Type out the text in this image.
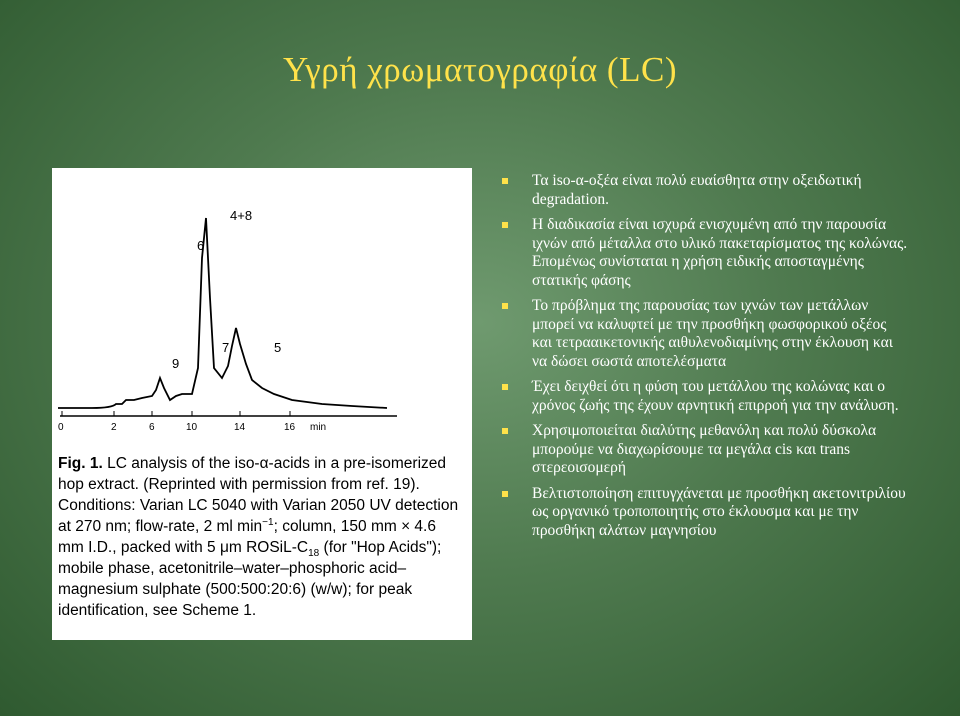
Υγρή χρωματογραφία (LC)
4+8
6
9
7	5
0	2	6	10	14	16 min
Fig. 1. LC analysis of the iso-α-acids in a pre-isomerized hop extract. (Reprinted with permission from ref. 19). Conditions: Varian LC 5040 with Varian 2050 UV detection at 270 nm; flow-rate, 2 ml $\min^{-1}$; column, 150 mm × 4.6 mm I.D., packed with 5 μm ROSiL-$C_{18}$ (for "Hop Acids"); mobile phase, acetonitrile–water–phosphoric acid–magnesium sulphate (500:500:20:6) (w/w); for peak identification, see Scheme 1.
Τα iso-α-οξέα είναι πολύ ευαίσθητα στην οξειδωτική degradation.
Η διαδικασία είναι ισχυρά ενισχυμένη από την παρουσία ιχνών από μέταλλα στο υλικό πακεταρίσματος της κολώνας. Επομένως συνίσταται η χρήση ειδικής αποσταγμένης στατικής φάσης
Το πρόβλημα της παρουσίας των ιχνών των μετάλλων μπορεί να καλυφτεί με την προσθήκη φωσφορικού οξέος και τετρααικετονικής αιθυλενοδιαμίνης στην έκλουση και να δώσει σωστά αποτελέσματα
Έχει δειχθεί ότι η φύση του μετάλλου της κολώνας και ο χρόνος ζωής της έχουν αρνητική επιρροή για την ανάλυση.
Χρησιμοποιείται διαλύτης μεθανόλη και πολύ δύσκολα μπορούμε να διαχωρίσουμε τα μεγάλα cis και trans στερεοισομερή
Βελτιστοποίηση επιτυγχάνεται με προσθήκη ακετονιτριλίου ως οργανικό τροποποιητής στο έκλουσμα και με την προσθήκη αλάτων μαγνησίου
